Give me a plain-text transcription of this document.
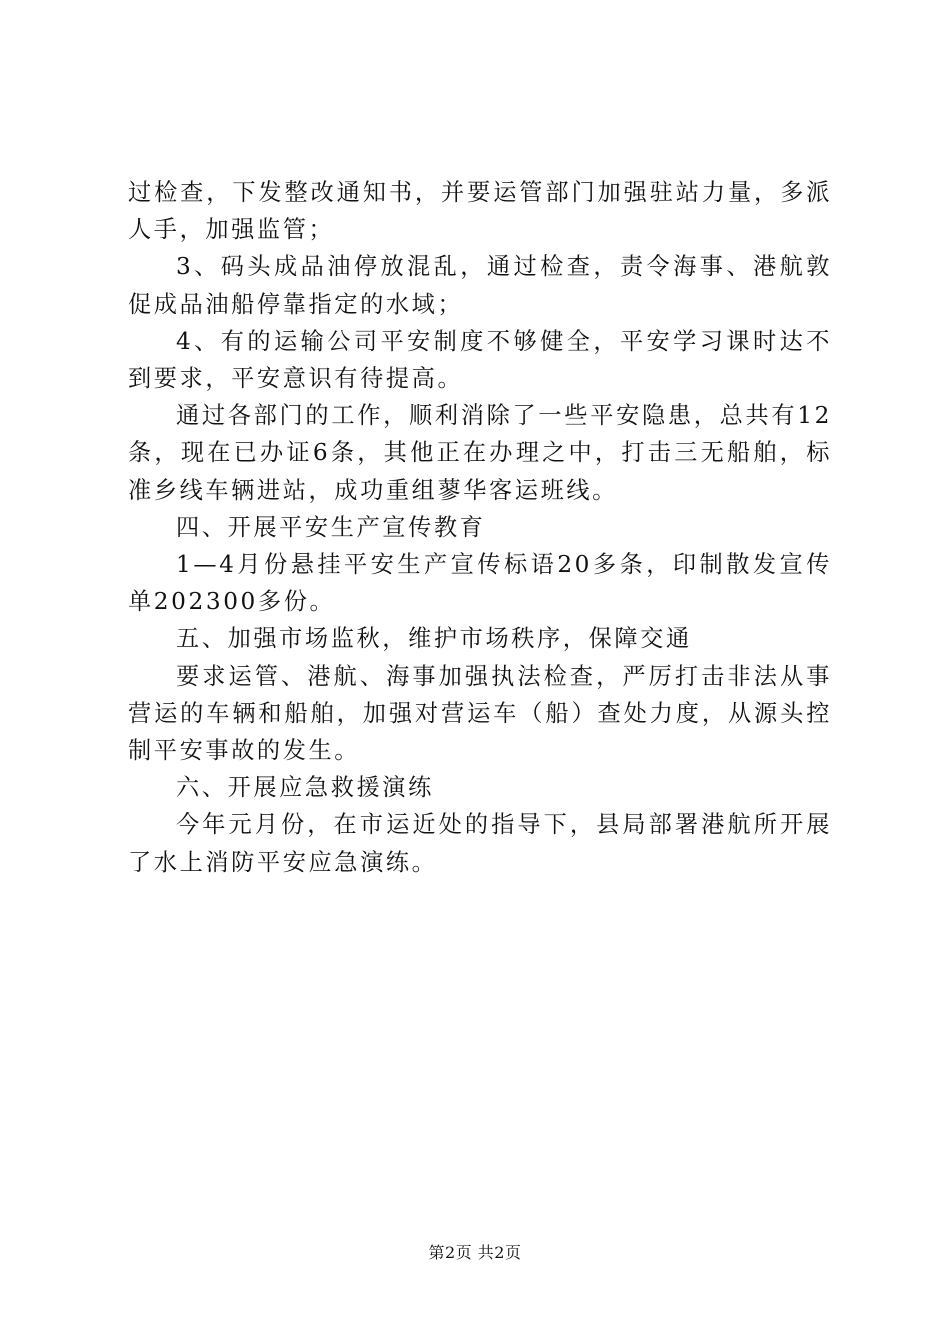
过检查，下发整改通知书，并要运管部门加强驻站力量，多派人手，加强监管；

3、码头成品油停放混乱，通过检查，责令海事、港航敦促成品油船停靠指定的水域；

4、有的运输公司平安制度不够健全，平安学习课时达不到要求，平安意识有待提高。

通过各部门的工作，顺利消除了一些平安隐患，总共有12条，现在已办证6条，其他正在办理之中，打击三无船舶，标准乡线车辆进站，成功重组蓼华客运班线。

四、开展平安生产宣传教育

1—4月份悬挂平安生产宣传标语20多条，印制散发宣传单202300多份。

五、加强市场监秋，维护市场秩序，保障交通

要求运管、港航、海事加强执法检查，严厉打击非法从事营运的车辆和船舶，加强对营运车（船）查处力度，从源头控制平安事故的发生。

六、开展应急救援演练

今年元月份，在市运近处的指导下，县局部署港航所开展了水上消防平安应急演练。

第2页 共2页
